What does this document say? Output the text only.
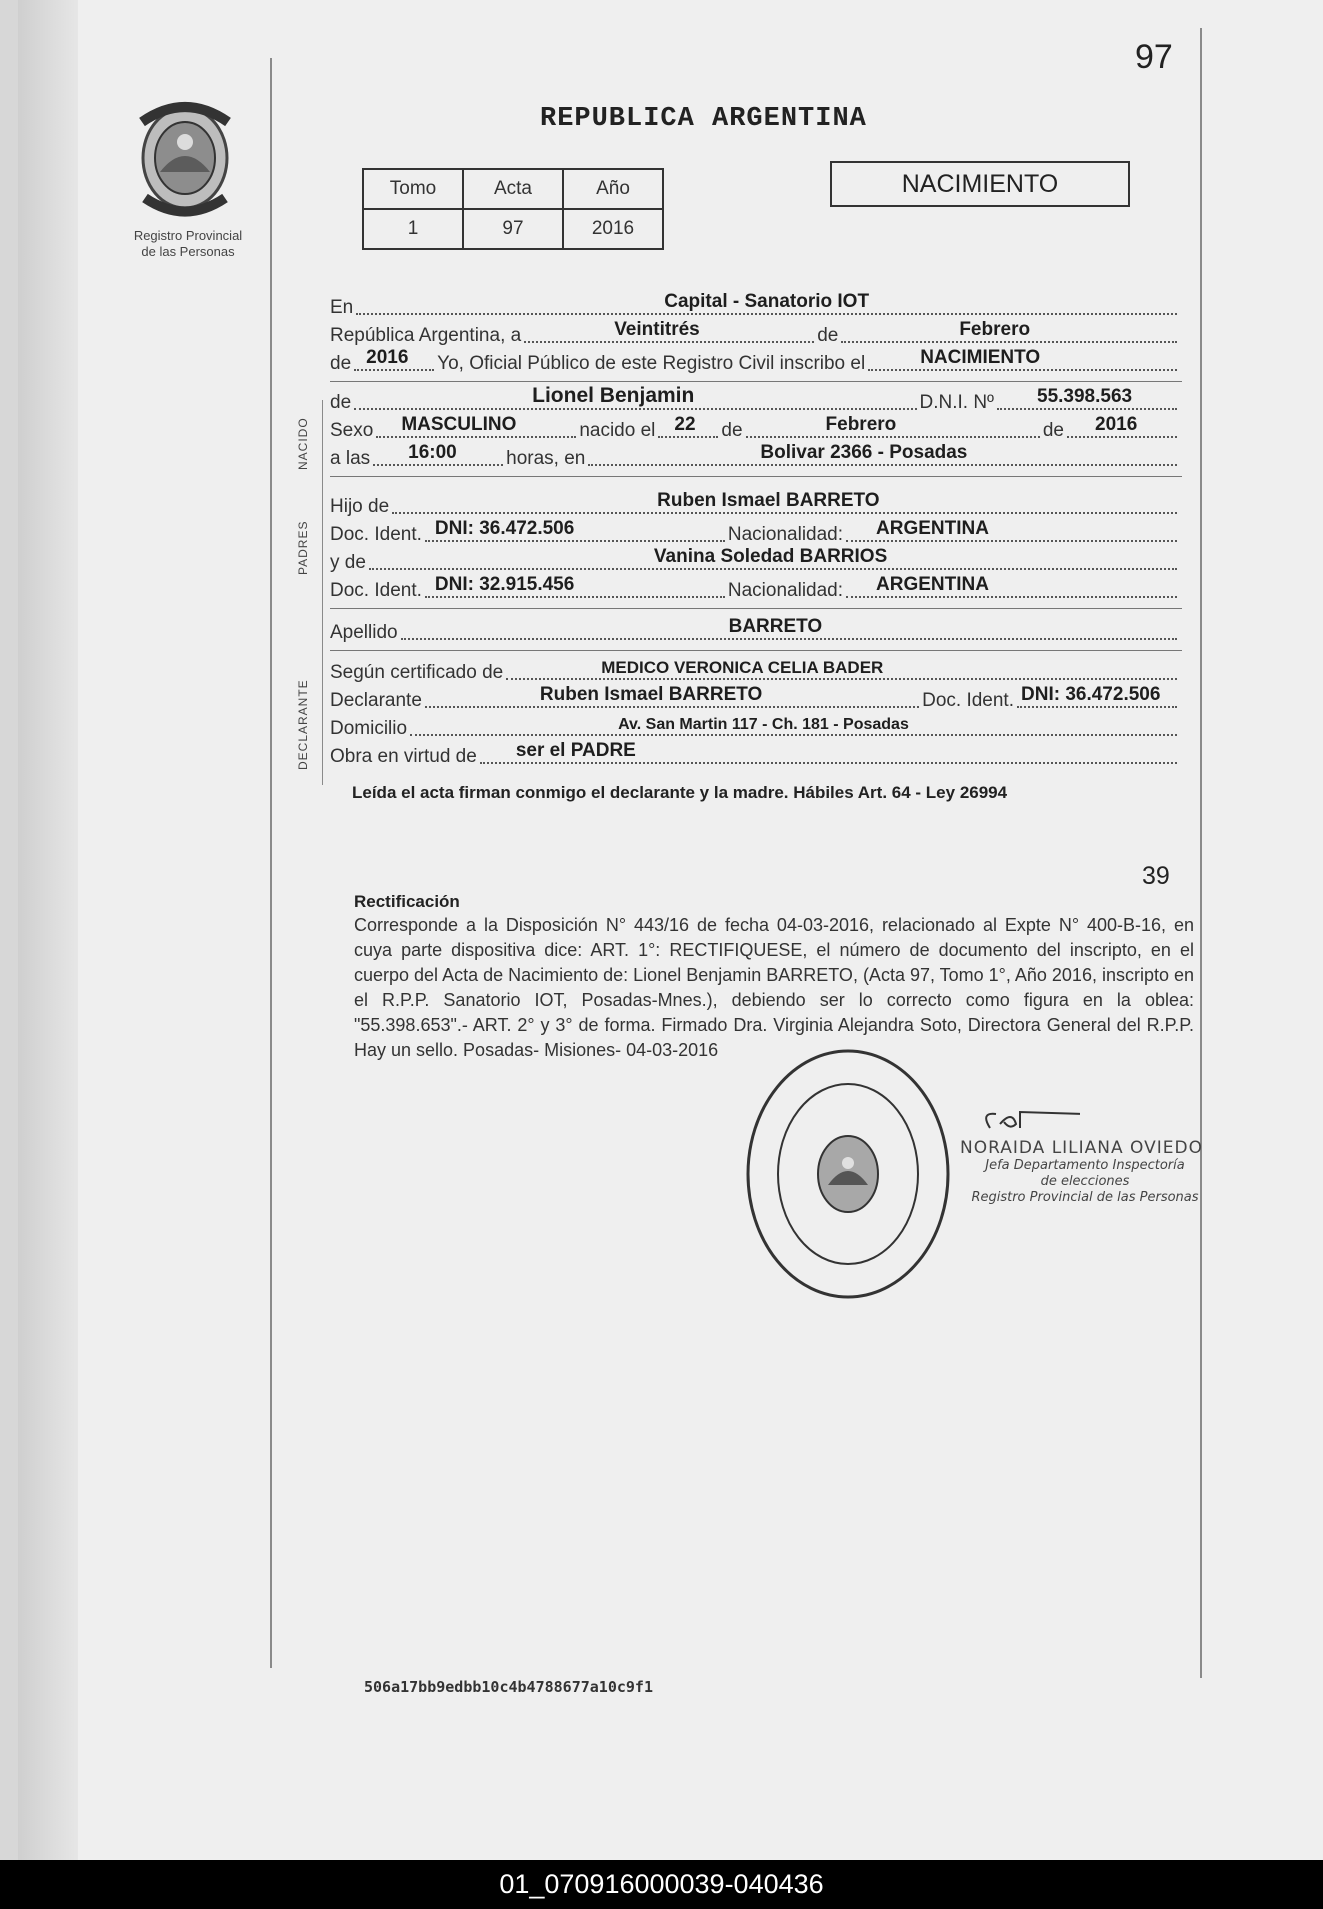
97
Registro Provincial
de las Personas
REPUBLICA ARGENTINA
Tomo	Acta	Año
1	97	2016
NACIMIENTO
En	Capital - Sanatorio IOT
República Argentina, a	Veintitrés	de	Febrero
de 2016 Yo, Oficial Público de este Registro Civil inscribo el	NACIMIENTO
NACIDO
de	Lionel Benjamin	D.N.I. Nº 55.398.563
Sexo MASCULINO	nacido el 22 de	Febrero	de 2016
a las 16:00	horas, en	Bolivar 2366 - Posadas
PADRES
Hijo de	Ruben Ismael BARRETO
Doc. Ident. DNI: 36.472.506	Nacionalidad: ARGENTINA
y de	Vanina Soledad BARRIOS
Doc. Ident. DNI: 32.915.456	Nacionalidad: ARGENTINA
Apellido	BARRETO
DECLARANTE
Según certificado de	MEDICO VERONICA CELIA BADER
Declarante	Ruben Ismael BARRETO	Doc. Ident. DNI: 36.472.506
Domicilio	Av. San Martin 117 - Ch. 181 - Posadas
Obra en virtud de ser el PADRE
Leída el acta firman conmigo el declarante y la madre. Hábiles Art. 64 - Ley 26994
39
Rectificación
Corresponde a la Disposición N° 443/16 de fecha 04-03-2016, relacionado al Expte N° 400-B-16, en cuya parte dispositiva dice: ART. 1°: RECTIFIQUESE, el número de documento del inscripto, en el cuerpo del Acta de Nacimiento de: Lionel Benjamin BARRETO, (Acta 97, Tomo 1°, Año 2016, inscripto en el R.P.P. Sanatorio IOT, Posadas-Mnes.), debiendo ser lo correcto como figura en la oblea: "55.398.653".- ART. 2° y 3° de forma. Firmado Dra. Virginia Alejandra Soto, Directora General del R.P.P. Hay un sello. Posadas- Misiones- 04-03-2016
NORAIDA LILIANA OVIEDO
Jefa Departamento Inspectoría
de elecciones
Registro Provincial de las Personas
506a17bb9edbb10c4b4788677a10c9f1
01_070916000039-040436
